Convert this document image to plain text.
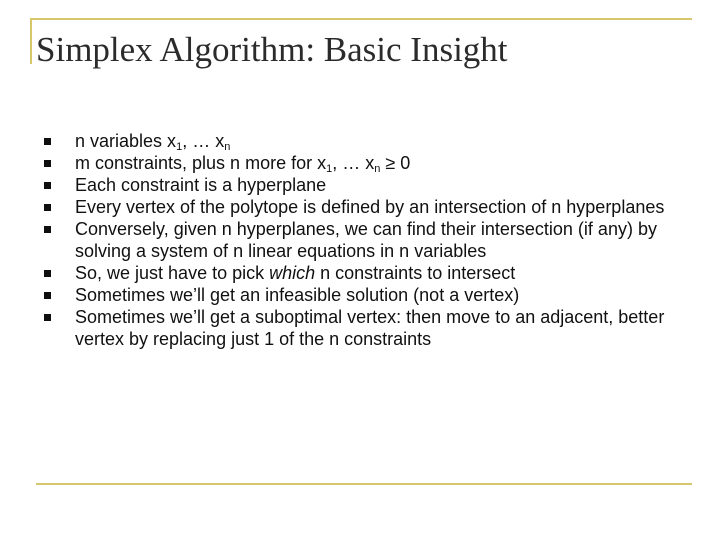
Simplex Algorithm: Basic Insight
n variables $x_1$, … $x_n$
m constraints, plus n more for $x_1$, … $x_n \ge 0$
Each constraint is a hyperplane
Every vertex of the polytope is defined by an intersection of n hyperplanes
Conversely, given n hyperplanes, we can find their intersection (if any) by solving a system of n linear equations in n variables
So, we just have to pick which n constraints to intersect
Sometimes we’ll get an infeasible solution (not a vertex)
Sometimes we’ll get a suboptimal vertex: then move to an adjacent, better vertex by replacing just 1 of the n constraints
